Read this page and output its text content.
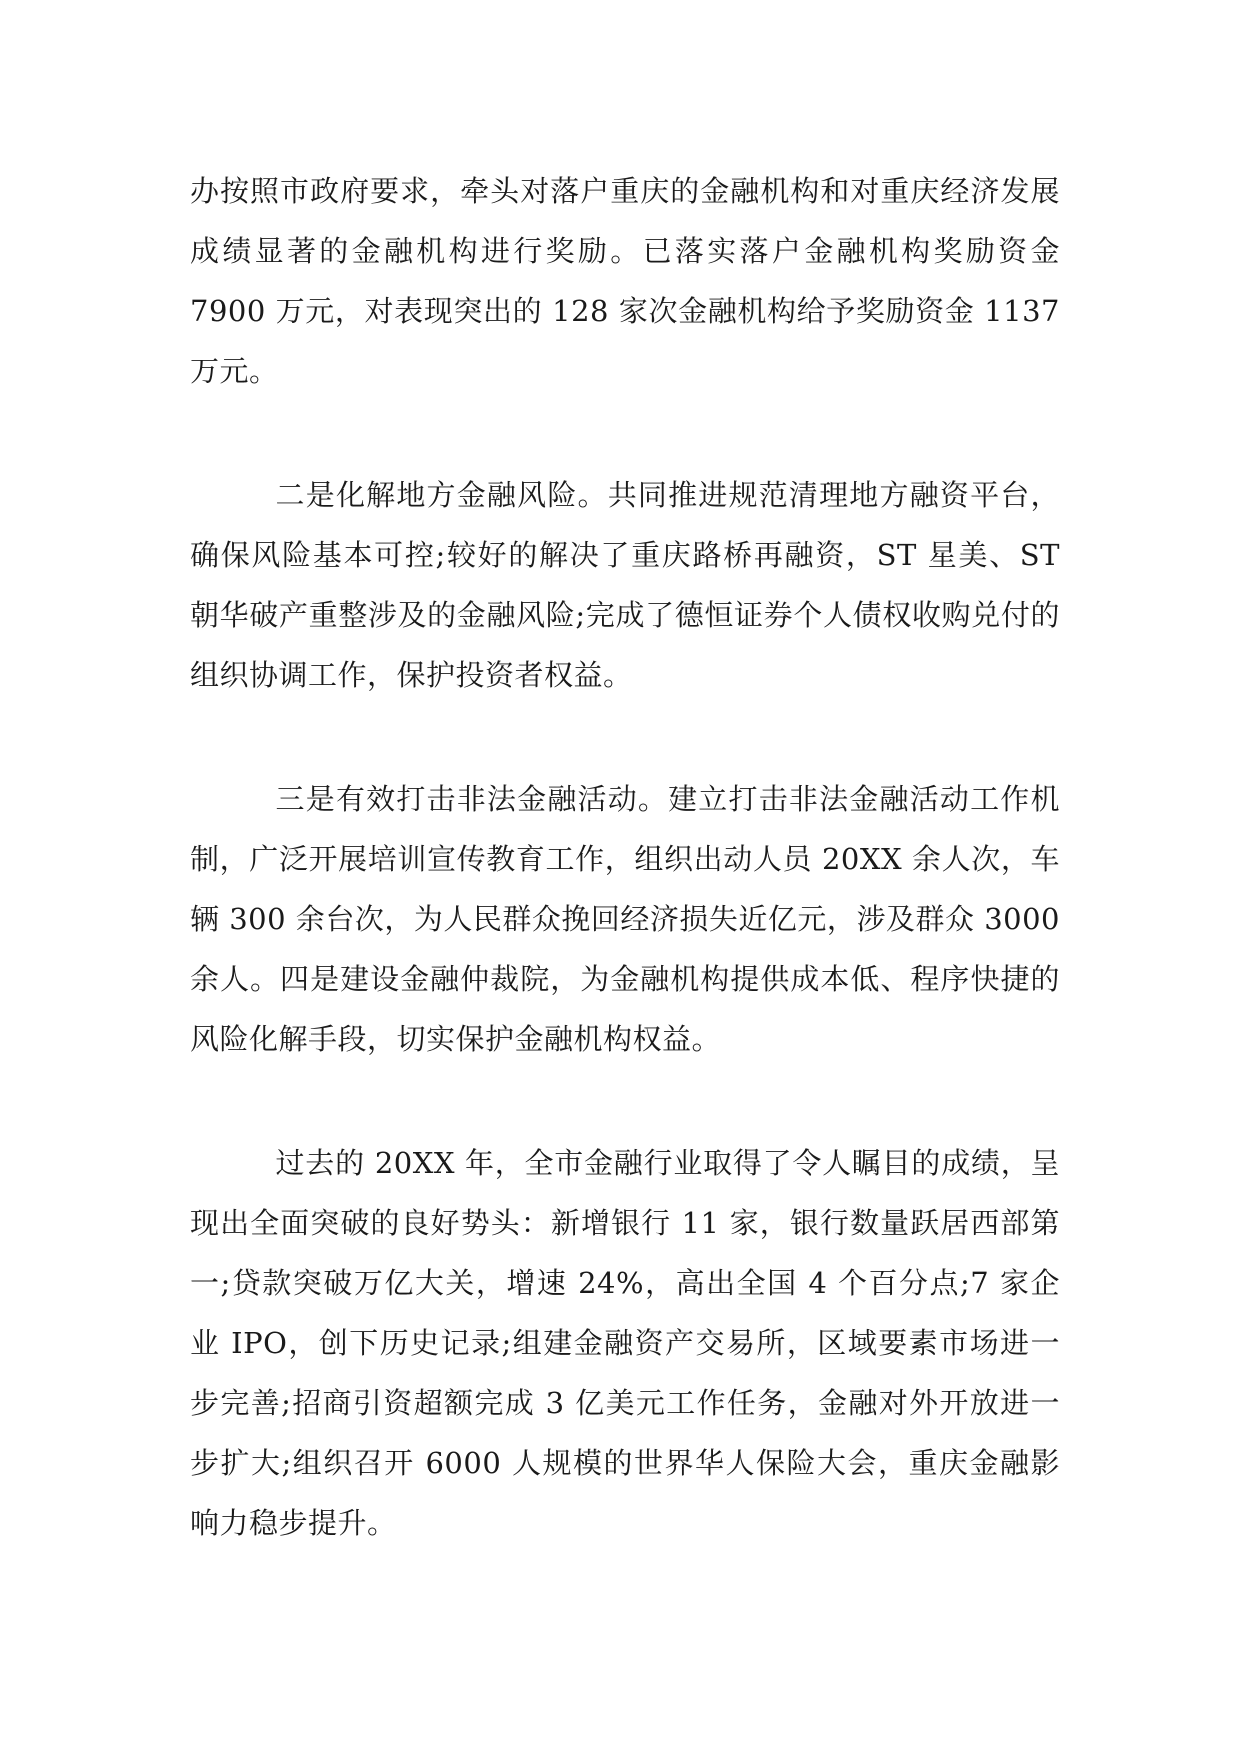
办按照市政府要求，牵头对落户重庆的金融机构和对重庆经济发展成绩显著的金融机构进行奖励。已落实落户金融机构奖励资金 7900 万元，对表现突出的 128 家次金融机构给予奖励资金 1137 万元。

二是化解地方金融风险。共同推进规范清理地方融资平台，确保风险基本可控;较好的解决了重庆路桥再融资，ST 星美、ST 朝华破产重整涉及的金融风险;完成了德恒证券个人债权收购兑付的组织协调工作，保护投资者权益。

三是有效打击非法金融活动。建立打击非法金融活动工作机制，广泛开展培训宣传教育工作，组织出动人员 20XX 余人次，车辆 300 余台次，为人民群众挽回经济损失近亿元，涉及群众 3000 余人。四是建设金融仲裁院，为金融机构提供成本低、程序快捷的风险化解手段，切实保护金融机构权益。

过去的 20XX 年，全市金融行业取得了令人瞩目的成绩，呈现出全面突破的良好势头：新增银行 11 家，银行数量跃居西部第一;贷款突破万亿大关，增速 24%，高出全国 4 个百分点;7 家企业 IPO，创下历史记录;组建金融资产交易所，区域要素市场进一步完善;招商引资超额完成 3 亿美元工作任务，金融对外开放进一步扩大;组织召开 6000 人规模的世界华人保险大会，重庆金融影响力稳步提升。
